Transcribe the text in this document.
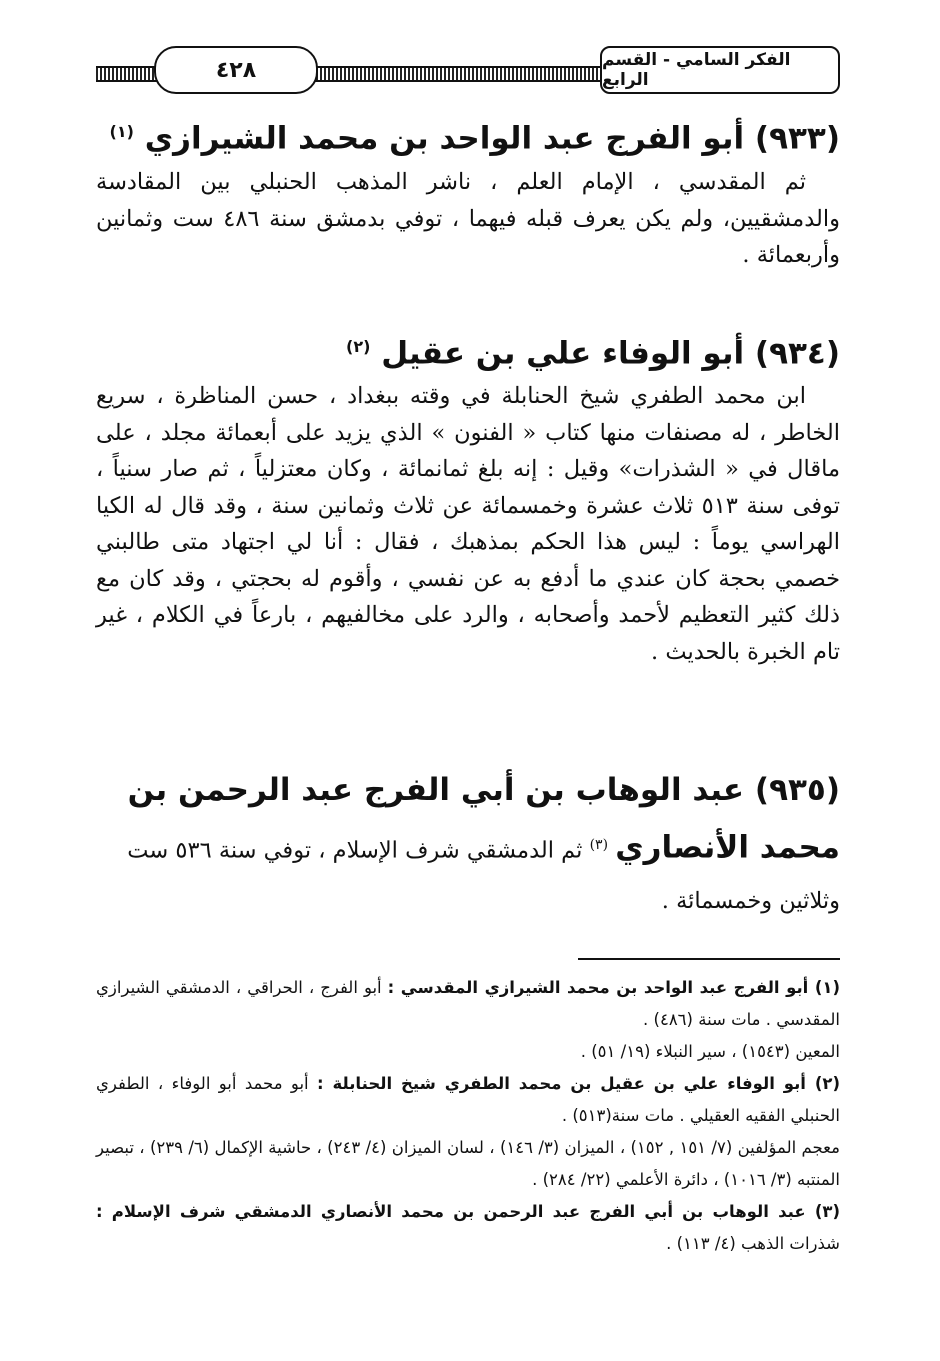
٤٢٨	الفكر السامي - القسم الرابع
(٩٣٣) أبو الفرج عبد الواحد بن محمد الشيرازي $^{(١)}$
ثم المقدسي ، الإمام العلم ، ناشر المذهب الحنبلي بين المقادسة والدمشقيين، ولم يكن يعرف قبله فيهما ، توفي بدمشق سنة ٤٨٦ ست وثمانين وأربعمائة .
(٩٣٤) أبو الوفاء علي بن عقيل $^{(٢)}$
ابن محمد الطفري شيخ الحنابلة في وقته ببغداد ، حسن المناظرة ، سريع الخاطر ، له مصنفات منها كتاب « الفنون » الذي يزيد على أبعمائة مجلد ، على ماقال في « الشذرات» وقيل : إنه بلغ ثمانمائة ، وكان معتزلياً ، ثم صار سنياً ، توفى سنة ٥١٣ ثلاث عشرة وخمسمائة عن ثلاث وثمانين سنة ، وقد قال له الكيا الهراسي يوماً : ليس هذا الحكم بمذهبك ، فقال : أنا لي اجتهاد متى طالبني خصمي بحجة كان عندي ما أدفع به عن نفسي ، وأقوم له بحجتي ، وقد كان مع ذلك كثير التعظيم لأحمد وأصحابه ، والرد على مخالفيهم ، بارعاً في الكلام ، غير تام الخبرة بالحديث .
(٩٣٥) عبد الوهاب بن أبي الفرج عبد الرحمن بن
محمد الأنصاري $^{(٣)}$ ثم الدمشقي شرف الإسلام ، توفي سنة ٥٣٦ ست وثلاثين وخمسمائة .

(١) أبو الفرج عبد الواحد بن محمد الشيرازي المقدسي : أبو الفرج ، الحراقي ، الدمشقي الشيرازي المقدسي . مات سنة (٤٨٦) .
المعين (١٥٤٣) ، سير النبلاء (١٩/ ٥١) .

(٢) أبو الوفاء علي بن عقيل بن محمد الطفري شيخ الحنابلة : أبو محمد أبو الوفاء ، الطفري الحنبلي الفقيه العقيلي . مات سنة(٥١٣) .
معجم المؤلفين (٧/ ١٥١ , ١٥٢) ، الميزان (٣/ ١٤٦) ، لسان الميزان (٤/ ٢٤٣) ، حاشية الإكمال (٦/ ٢٣٩) ، تبصير المنتبه (٣/ ١٠١٦) ، دائرة الأعلمي (٢٢/ ٢٨٤) .

(٣) عبد الوهاب بن أبي الفرج عبد الرحمن بن محمد الأنصاري الدمشقي شرف الإسلام : شذرات الذهب (٤/ ١١٣) .
